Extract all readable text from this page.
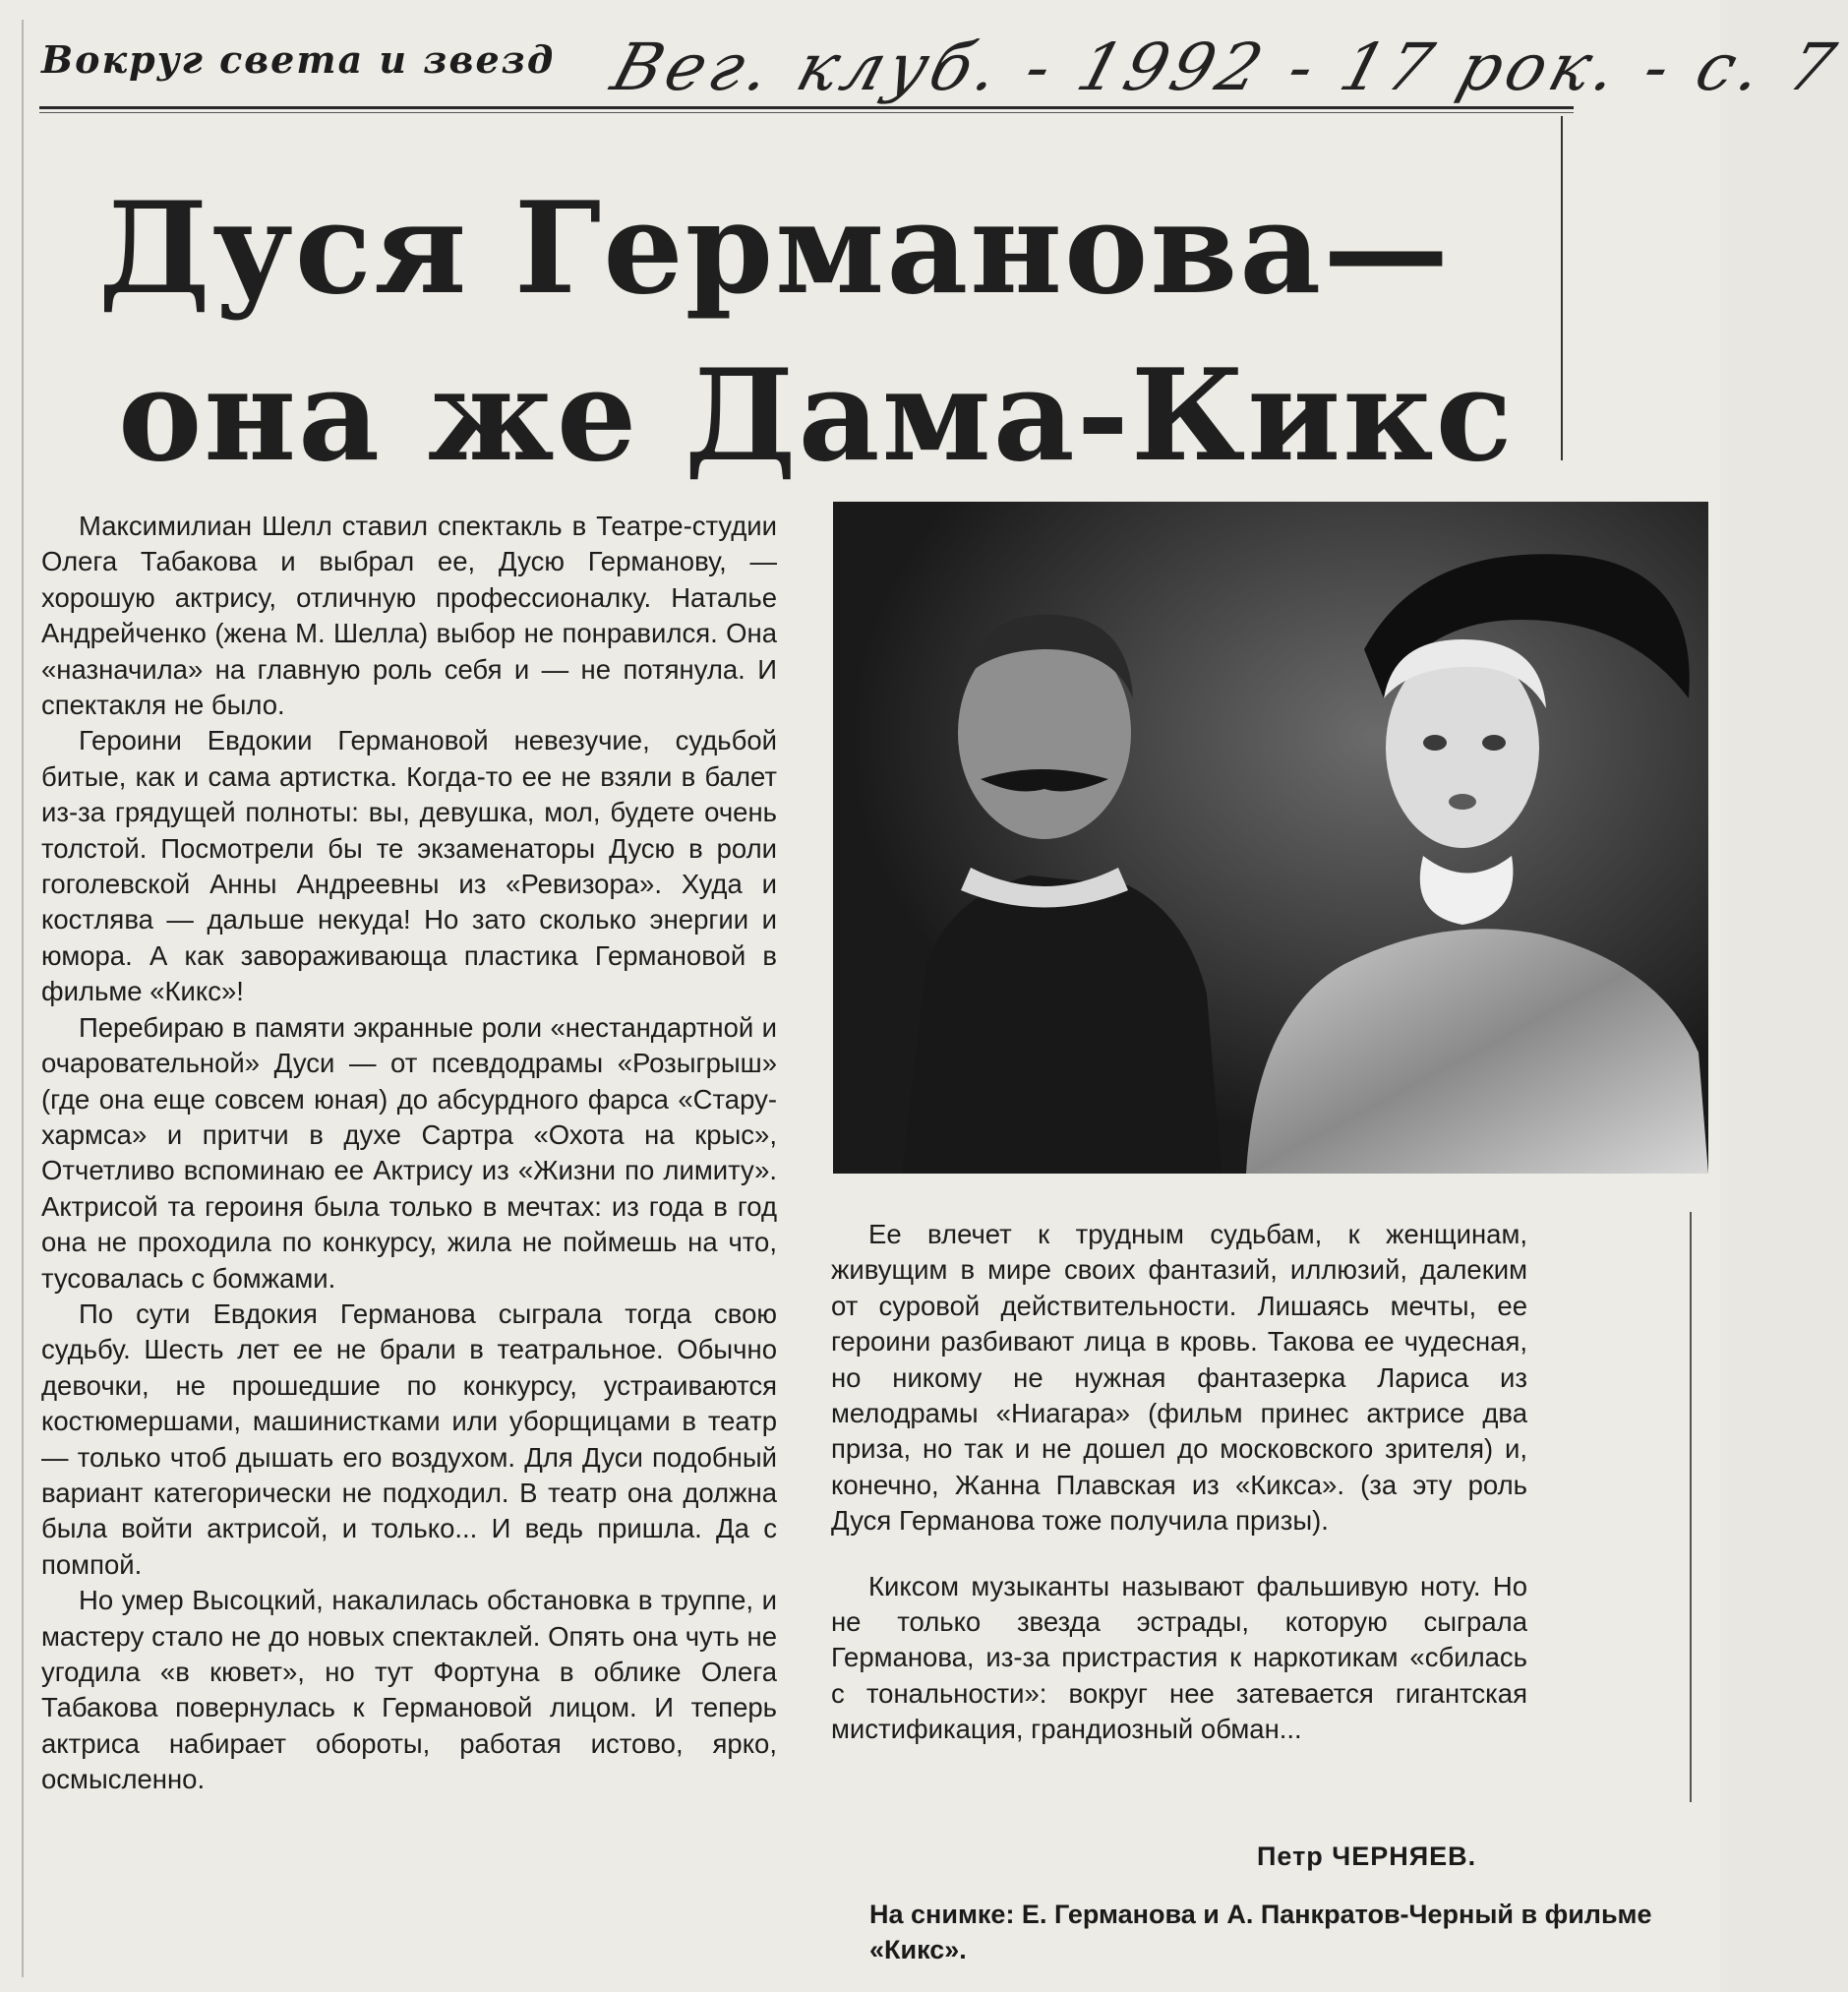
Вокруг света и звезд Вег. клуб. - 1992 - 17 рок. - с. 7
Дуся Германова—
она же Дама-Кикс

Максимилиан Шелл ставил спектакль в Театре-студии Олега Табакова и выбрал ее, Дусю Германову, — хорошую актрису, отличную профессионалку. Наталье Андрейченко (жена М. Шелла) выбор не понравился. Она «назначила» на главную роль себя и — не потянула. И спектакля не было.

Героини Евдокии Германовой невезучие, судьбой битые, как и сама артистка. Когда-то ее не взяли в балет из-за грядущей полноты: вы, девушка, мол, будете очень толстой. Посмотрели бы те экзаменаторы Дусю в роли гоголевской Анны Андреевны из «Ревизора». Худа и костлява — дальше некуда! Но зато сколько энергии и юмора. А как завораживающа пластика Германовой в фильме «Кикс»!

Перебираю в памяти экранные роли «нестандартной и очаровательной» Дуси — от псевдодрамы «Розыгрыш» (где она еще совсем юная) до абсурдного фарса «Стару-хармса» и притчи в духе Сартра «Охота на крыс», Отчетливо вспоминаю ее Актрису из «Жизни по лимиту». Актрисой та героиня была только в мечтах: из года в год она не проходила по конкурсу, жила не поймешь на что, тусовалась с бомжами.

По сути Евдокия Германова сыграла тогда свою судьбу. Шесть лет ее не брали в театральное. Обычно девочки, не прошедшие по конкурсу, устраиваются костюмершами, машинистками или уборщицами в театр — только чтоб дышать его воздухом. Для Дуси подобный вариант категорически не подходил. В театр она должна была войти актрисой, и только... И ведь пришла. Да с помпой.

Но умер Высоцкий, накалилась обстановка в труппе, и мастеру стало не до новых спектаклей. Опять она чуть не угодила «в кювет», но тут Фортуна в облике Олега Табакова повернулась к Германовой лицом. И теперь актриса набирает обороты, работая истово, ярко, осмысленно.

Ее влечет к трудным судьбам, к женщинам, живущим в мире своих фантазий, иллюзий, далеким от суровой действительности. Лишаясь мечты, ее героини разбивают лица в кровь. Такова ее чудесная, но никому не нужная фантазерка Лариса из мелодрамы «Ниагара» (фильм принес актрисе два приза, но так и не дошел до московского зрителя) и, конечно, Жанна Плавская из «Кикса». (за эту роль Дуся Германова тоже получила призы).

Киксом музыканты называют фальшивую ноту. Но не только звезда эстрады, которую сыграла Германова, из-за пристрастия к наркотикам «сбилась с тональности»: вокруг нее затевается гигантская мистификация, грандиозный обман...

Петр ЧЕРНЯЕВ.
На снимке: Е. Германова и А. Панкратов-Черный в фильме «Кикс».
